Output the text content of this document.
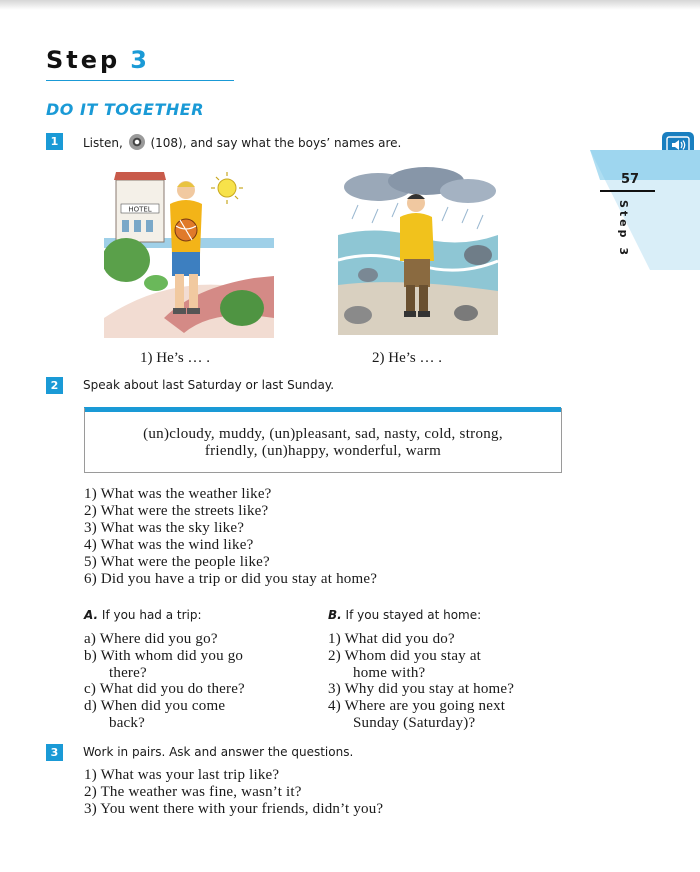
Step 3
DO IT TOGETHER
57
Step 3
1	Listen, (108), and say what the boys’ names are.
HOTEL
1) He’s … .	2) He’s … .
2	Speak about last Saturday or last Sunday.
(un)cloudy, muddy, (un)pleasant, sad, nasty, cold, strong,
friendly, (un)happy, wonderful, warm
1) What was the weather like?
2) What were the streets like?
3) What was the sky like?
4) What was the wind like?
5) What were the people like?
6) Did you have a trip or did you stay at home?
A. If you had a trip:	B. If you stayed at home:
a) Where did you go?
b) With whom did you go
there?
c) What did you do there?
d) When did you come
back?
1) What did you do?
2) Whom did you stay at
home with?
3) Why did you stay at home?
4) Where are you going next
Sunday (Saturday)?
3	Work in pairs. Ask and answer the questions.
1) What was your last trip like?
2) The weather was fine, wasn’t it?
3) You went there with your friends, didn’t you?
